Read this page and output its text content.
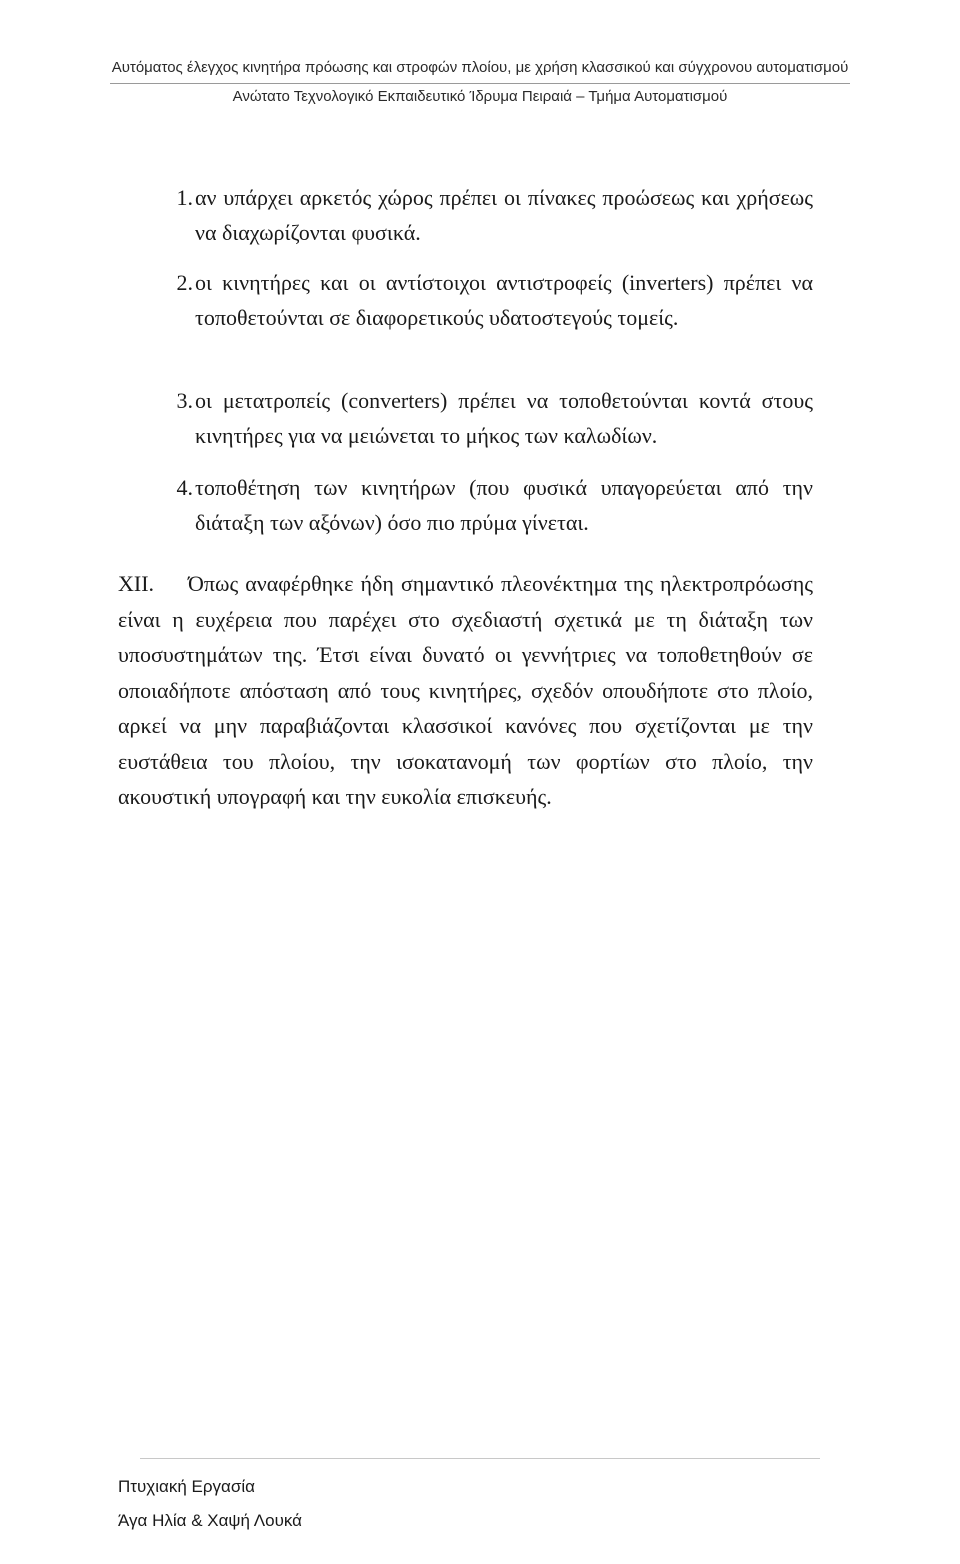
Αυτόματος έλεγχος κινητήρα πρόωσης και στροφών πλοίου, με χρήση κλασσικού και σύγχρονου αυτοματισμού
Ανώτατο Τεχνολογικό Εκπαιδευτικό Ίδρυμα Πειραιά – Τμήμα Αυτοματισμού
1. αν υπάρχει αρκετός χώρος πρέπει οι πίνακες προώσεως και χρήσεως να διαχωρίζονται φυσικά.
2. οι κινητήρες και οι αντίστοιχοι αντιστροφείς (inverters) πρέπει να τοποθετούνται σε διαφορετικούς υδατοστεγούς τομείς.
3. οι μετατροπείς (converters) πρέπει να τοποθετούνται κοντά στους κινητήρες για να μειώνεται το μήκος των καλωδίων.
4. τοποθέτηση των κινητήρων (που φυσικά υπαγορεύεται από την διάταξη των αξόνων) όσο πιο πρύμα γίνεται.
XII.	Όπως αναφέρθηκε ήδη σημαντικό πλεονέκτημα της ηλεκτροπρόωσης είναι η ευχέρεια που παρέχει στο σχεδιαστή σχετικά με τη διάταξη των υποσυστημάτων της. Έτσι είναι δυνατό οι γεννήτριες να τοποθετηθούν σε οποιαδήποτε απόσταση από τους κινητήρες, σχεδόν οπουδήποτε στο πλοίο, αρκεί να μην παραβιάζονται κλασσικοί κανόνες που σχετίζονται με την ευστάθεια του πλοίου, την ισοκατανομή των φορτίων στο πλοίο, την ακουστική υπογραφή και την ευκολία επισκευής.
Πτυχιακή Εργασία
Άγα Ηλία & Χαψή Λουκά
